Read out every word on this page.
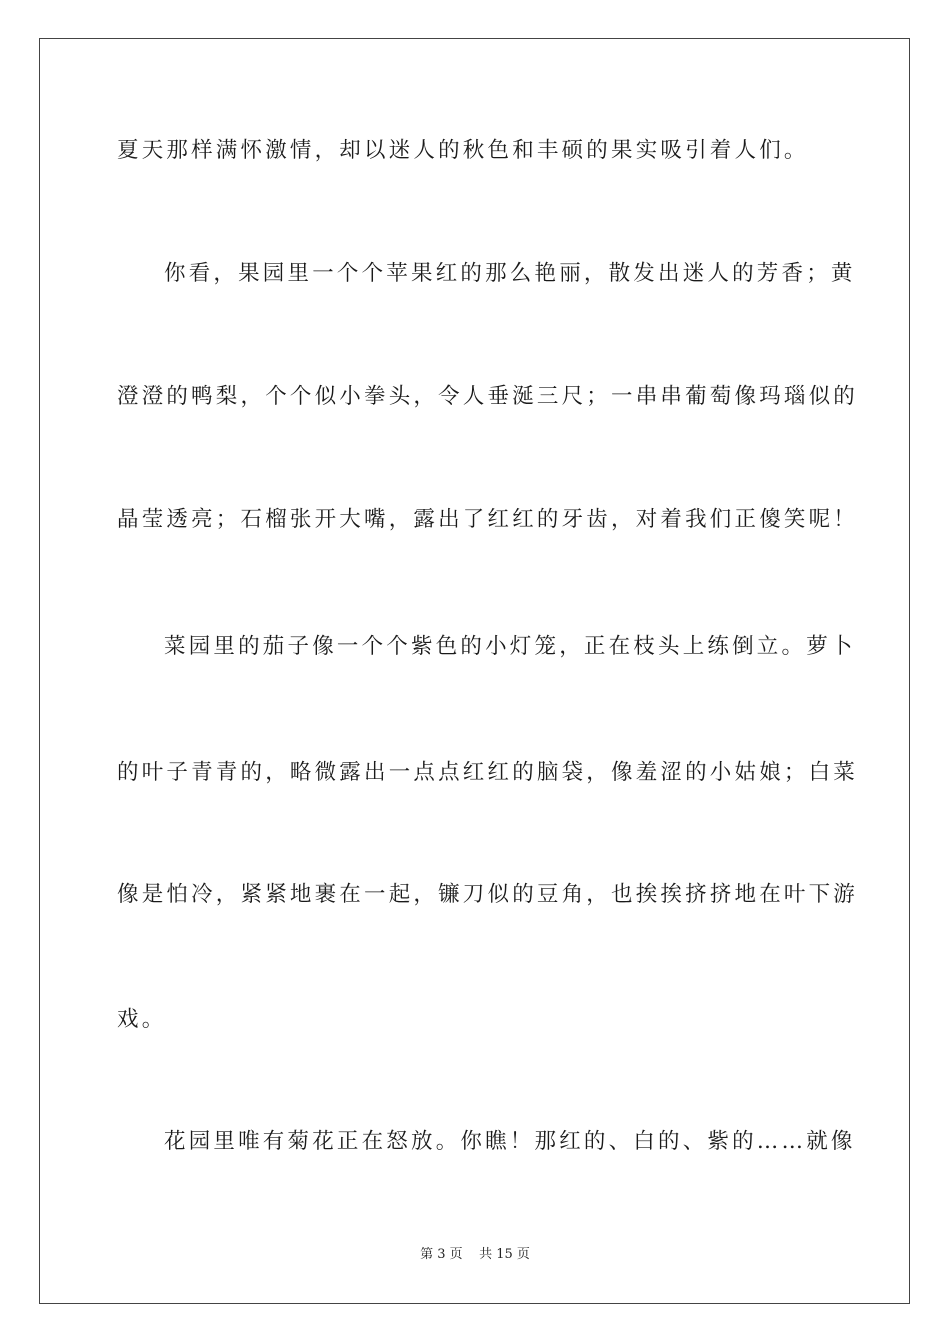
夏天那样满怀激情，却以迷人的秋色和丰硕的果实吸引着人们。
你看，果园里一个个苹果红的那么艳丽，散发出迷人的芳香；黄
澄澄的鸭梨，个个似小拳头，令人垂涎三尺；一串串葡萄像玛瑙似的
晶莹透亮；石榴张开大嘴，露出了红红的牙齿，对着我们正傻笑呢！
菜园里的茄子像一个个紫色的小灯笼，正在枝头上练倒立。萝卜
的叶子青青的，略微露出一点点红红的脑袋，像羞涩的小姑娘；白菜
像是怕冷，紧紧地裹在一起，镰刀似的豆角，也挨挨挤挤地在叶下游
戏。
花园里唯有菊花正在怒放。你瞧！那红的、白的、紫的……就像
第 3 页    共 15 页
